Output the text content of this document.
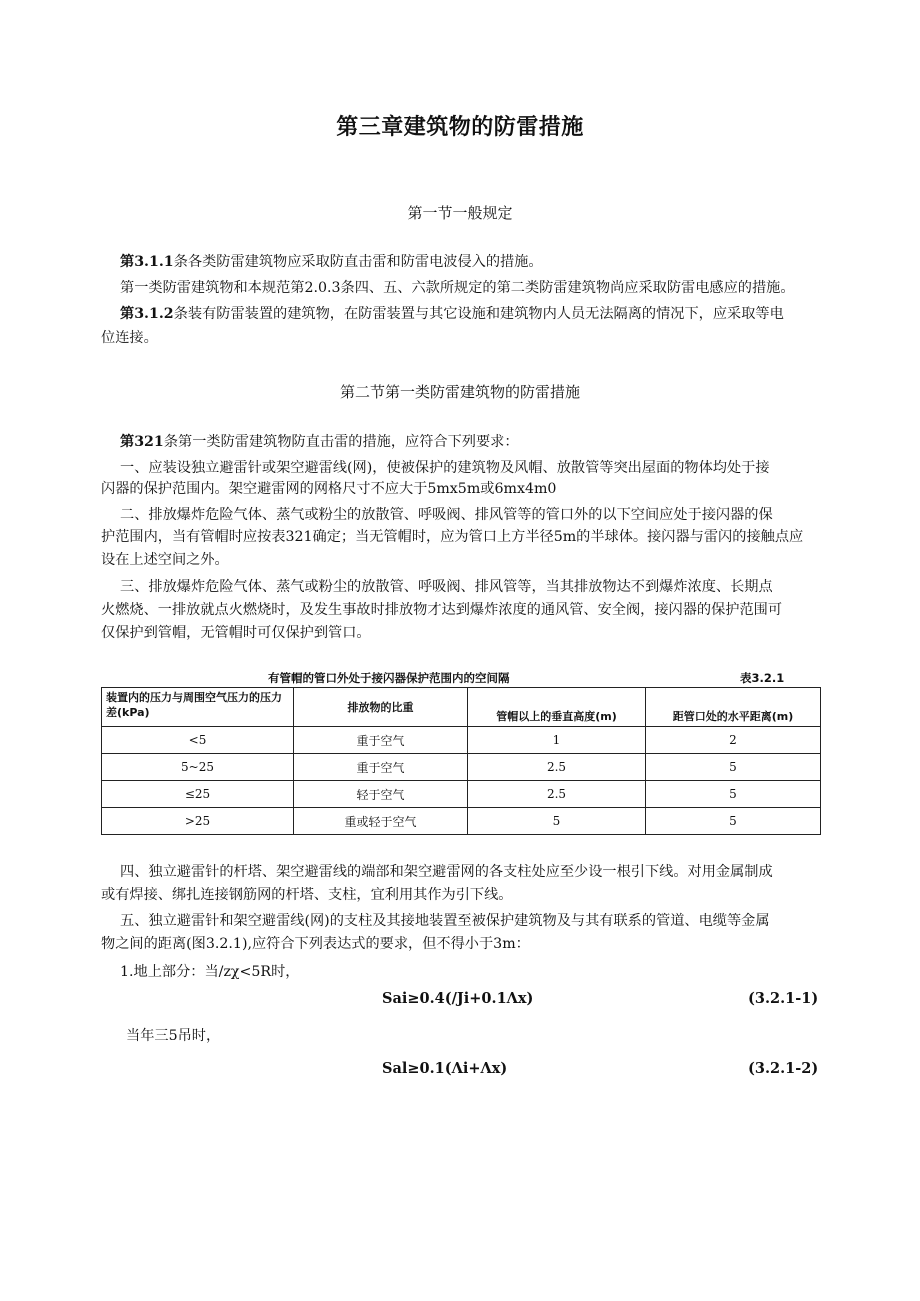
第三章建筑物的防雷措施
第一节一般规定
第3.1.1条各类防雷建筑物应采取防直击雷和防雷电波侵入的措施。
第一类防雷建筑物和本规范第2.0.3条四、五、六款所规定的第二类防雷建筑物尚应采取防雷电感应的措施。
第3.1.2条装有防雷装置的建筑物，在防雷装置与其它设施和建筑物内人员无法隔离的情况下，应采取等电
位连接。
第二节第一类防雷建筑物的防雷措施
第321条第一类防雷建筑物防直击雷的措施，应符合下列要求：
一、应装设独立避雷针或架空避雷线(网)，使被保护的建筑物及风帽、放散管等突出屋面的物体均处于接
闪器的保护范围内。架空避雷网的网格尺寸不应大于5mx5m或6mx4m0
二、排放爆炸危险气体、蒸气或粉尘的放散管、呼吸阀、排风管等的管口外的以下空间应处于接闪器的保
护范围内，当有管帽时应按表321确定；当无管帽时，应为管口上方半径5m的半球体。接闪器与雷闪的接触点应
设在上述空间之外。
三、排放爆炸危险气体、蒸气或粉尘的放散管、呼吸阀、排风管等，当其排放物达不到爆炸浓度、长期点
火燃烧、一排放就点火燃烧时，及发生事故时排放物才达到爆炸浓度的通风管、安全阀，接闪器的保护范围可
仅保护到管帽，无管帽时可仅保护到管口。
有管帽的管口外处于接闪器保护范围内的空间隔	表3.2.1
装置内的压力与周围空气压力的压力差(kPa)	排放物的比重	管帽以上的垂直高度(m)	距管口处的水平距离(m)
<5	重于空气	1	2
5~25	重于空气	2.5	5
≤25	轻于空气	2.5	5
>25	重或轻于空气	5	5
四、独立避雷针的杆塔、架空避雷线的端部和架空避雷网的各支柱处应至少设一根引下线。对用金属制成
或有焊接、绑扎连接钢筋网的杆塔、支柱，宜利用其作为引下线。
五、独立避雷针和架空避雷线(网)的支柱及其接地装置至被保护建筑物及与其有联系的管道、电缆等金属
物之间的距离(图3.2.1),应符合下列表达式的要求，但不得小于3m：
1.地上部分：当/zχ<5R时，
Sai≥0.4(/Ji+0.1Λx)	(3.2.1-1)
当年三5吊时，
Sal≥0.1(Λi+Λx)	(3.2.1-2)
